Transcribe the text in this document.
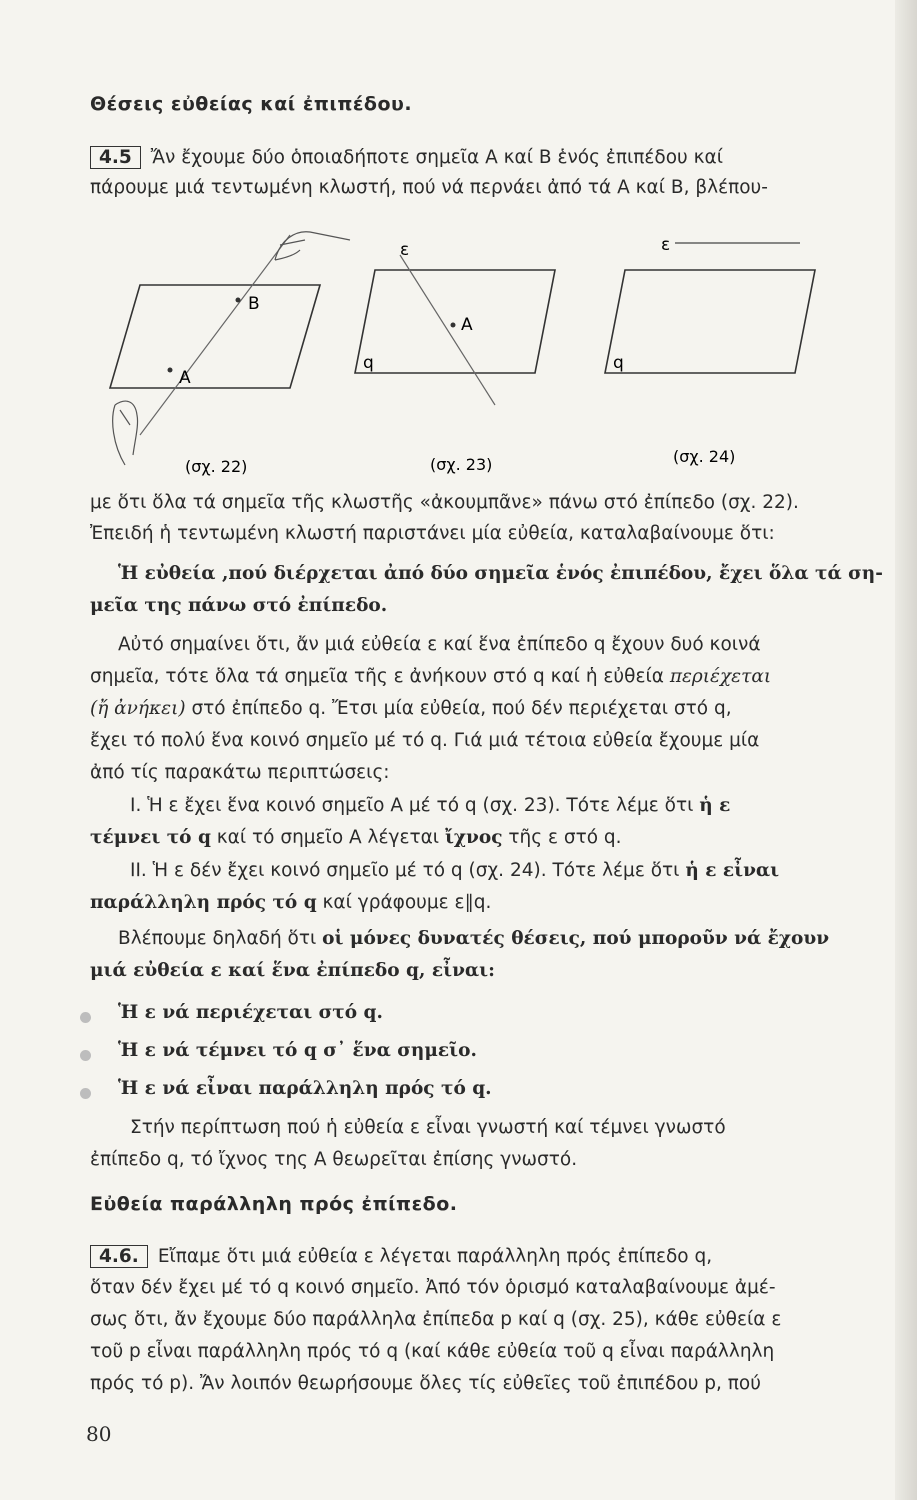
Θέσεις εὐθείας καί ἐπιπέδου.
4.5 Ἄν ἔχουμε δύο ὁποιαδήποτε σημεῖα Α καί Β ἑνός ἐπιπέδου καί
πάρουμε μιά τεντωμένη κλωστή, πού νά περνάει ἀπό τά Α καί Β, βλέπου-
Β
Α
(σχ. 22)
Α
ε
q
(σχ. 23)
ε
q
(σχ. 24)
με ὅτι ὅλα τά σημεῖα τῆς κλωστῆς «ἀκουμπᾶνε» πάνω στό ἐπίπεδο (σχ. 22).
Ἐπειδή ἡ τεντωμένη κλωστή παριστάνει μία εὐθεία, καταλαβαίνουμε ὅτι:
Ἡ εὐθεία ,πού διέρχεται ἀπό δύο σημεῖα ἑνός ἐπιπέδου, ἔχει ὅλα τά ση-
μεῖα της πάνω στό ἐπίπεδο.
Αὐτό σημαίνει ὅτι, ἄν μιά εὐθεία ε καί ἕνα ἐπίπεδο q ἔχουν δυό κοινά
σημεῖα, τότε ὅλα τά σημεῖα τῆς ε ἀνήκουν στό q καί ἡ εὐθεία περιέχεται
(ἤ ἀνήκει) στό ἐπίπεδο q. Ἔτσι μία εὐθεία, πού δέν περιέχεται στό q,
ἔχει τό πολύ ἕνα κοινό σημεῖο μέ τό q. Γιά μιά τέτοια εὐθεία ἔχουμε μία
ἀπό τίς παρακάτω περιπτώσεις:
Ι. Ἡ ε ἔχει ἕνα κοινό σημεῖο Α μέ τό q (σχ. 23). Τότε λέμε ὅτι ἡ ε
τέμνει τό q καί τό σημεῖο Α λέγεται ἴχνος τῆς ε στό q.
ΙΙ. Ἡ ε δέν ἔχει κοινό σημεῖο μέ τό q (σχ. 24). Τότε λέμε ὅτι ἡ ε εἶναι
παράλληλη πρός τό q καί γράφουμε ε∥q.
Βλέπουμε δηλαδή ὅτι οἱ μόνες δυνατές θέσεις, πού μποροῦν νά ἔχουν
μιά εὐθεία ε καί ἕνα ἐπίπεδο q, εἶναι:
Ἡ ε νά περιέχεται στό q.
Ἡ ε νά τέμνει τό q σ᾽ ἕνα σημεῖο.
Ἡ ε νά εἶναι παράλληλη πρός τό q.
Στήν περίπτωση πού ἡ εὐθεία ε εἶναι γνωστή καί τέμνει γνωστό
ἐπίπεδο q, τό ἴχνος της Α θεωρεῖται ἐπίσης γνωστό.
Εὐθεία παράλληλη πρός ἐπίπεδο.
4.6. Εἴπαμε ὅτι μιά εὐθεία ε λέγεται παράλληλη πρός ἐπίπεδο q,
ὅταν δέν ἔχει μέ τό q κοινό σημεῖο. Ἀπό τόν ὁρισμό καταλαβαίνουμε ἀμέ-
σως ὅτι, ἄν ἔχουμε δύο παράλληλα ἐπίπεδα p καί q (σχ. 25), κάθε εὐθεία ε
τοῦ p εἶναι παράλληλη πρός τό q (καί κάθε εὐθεία τοῦ q εἶναι παράλληλη
πρός τό p). Ἄν λοιπόν θεωρήσουμε ὅλες τίς εὐθεῖες τοῦ ἐπιπέδου p, πού
80
